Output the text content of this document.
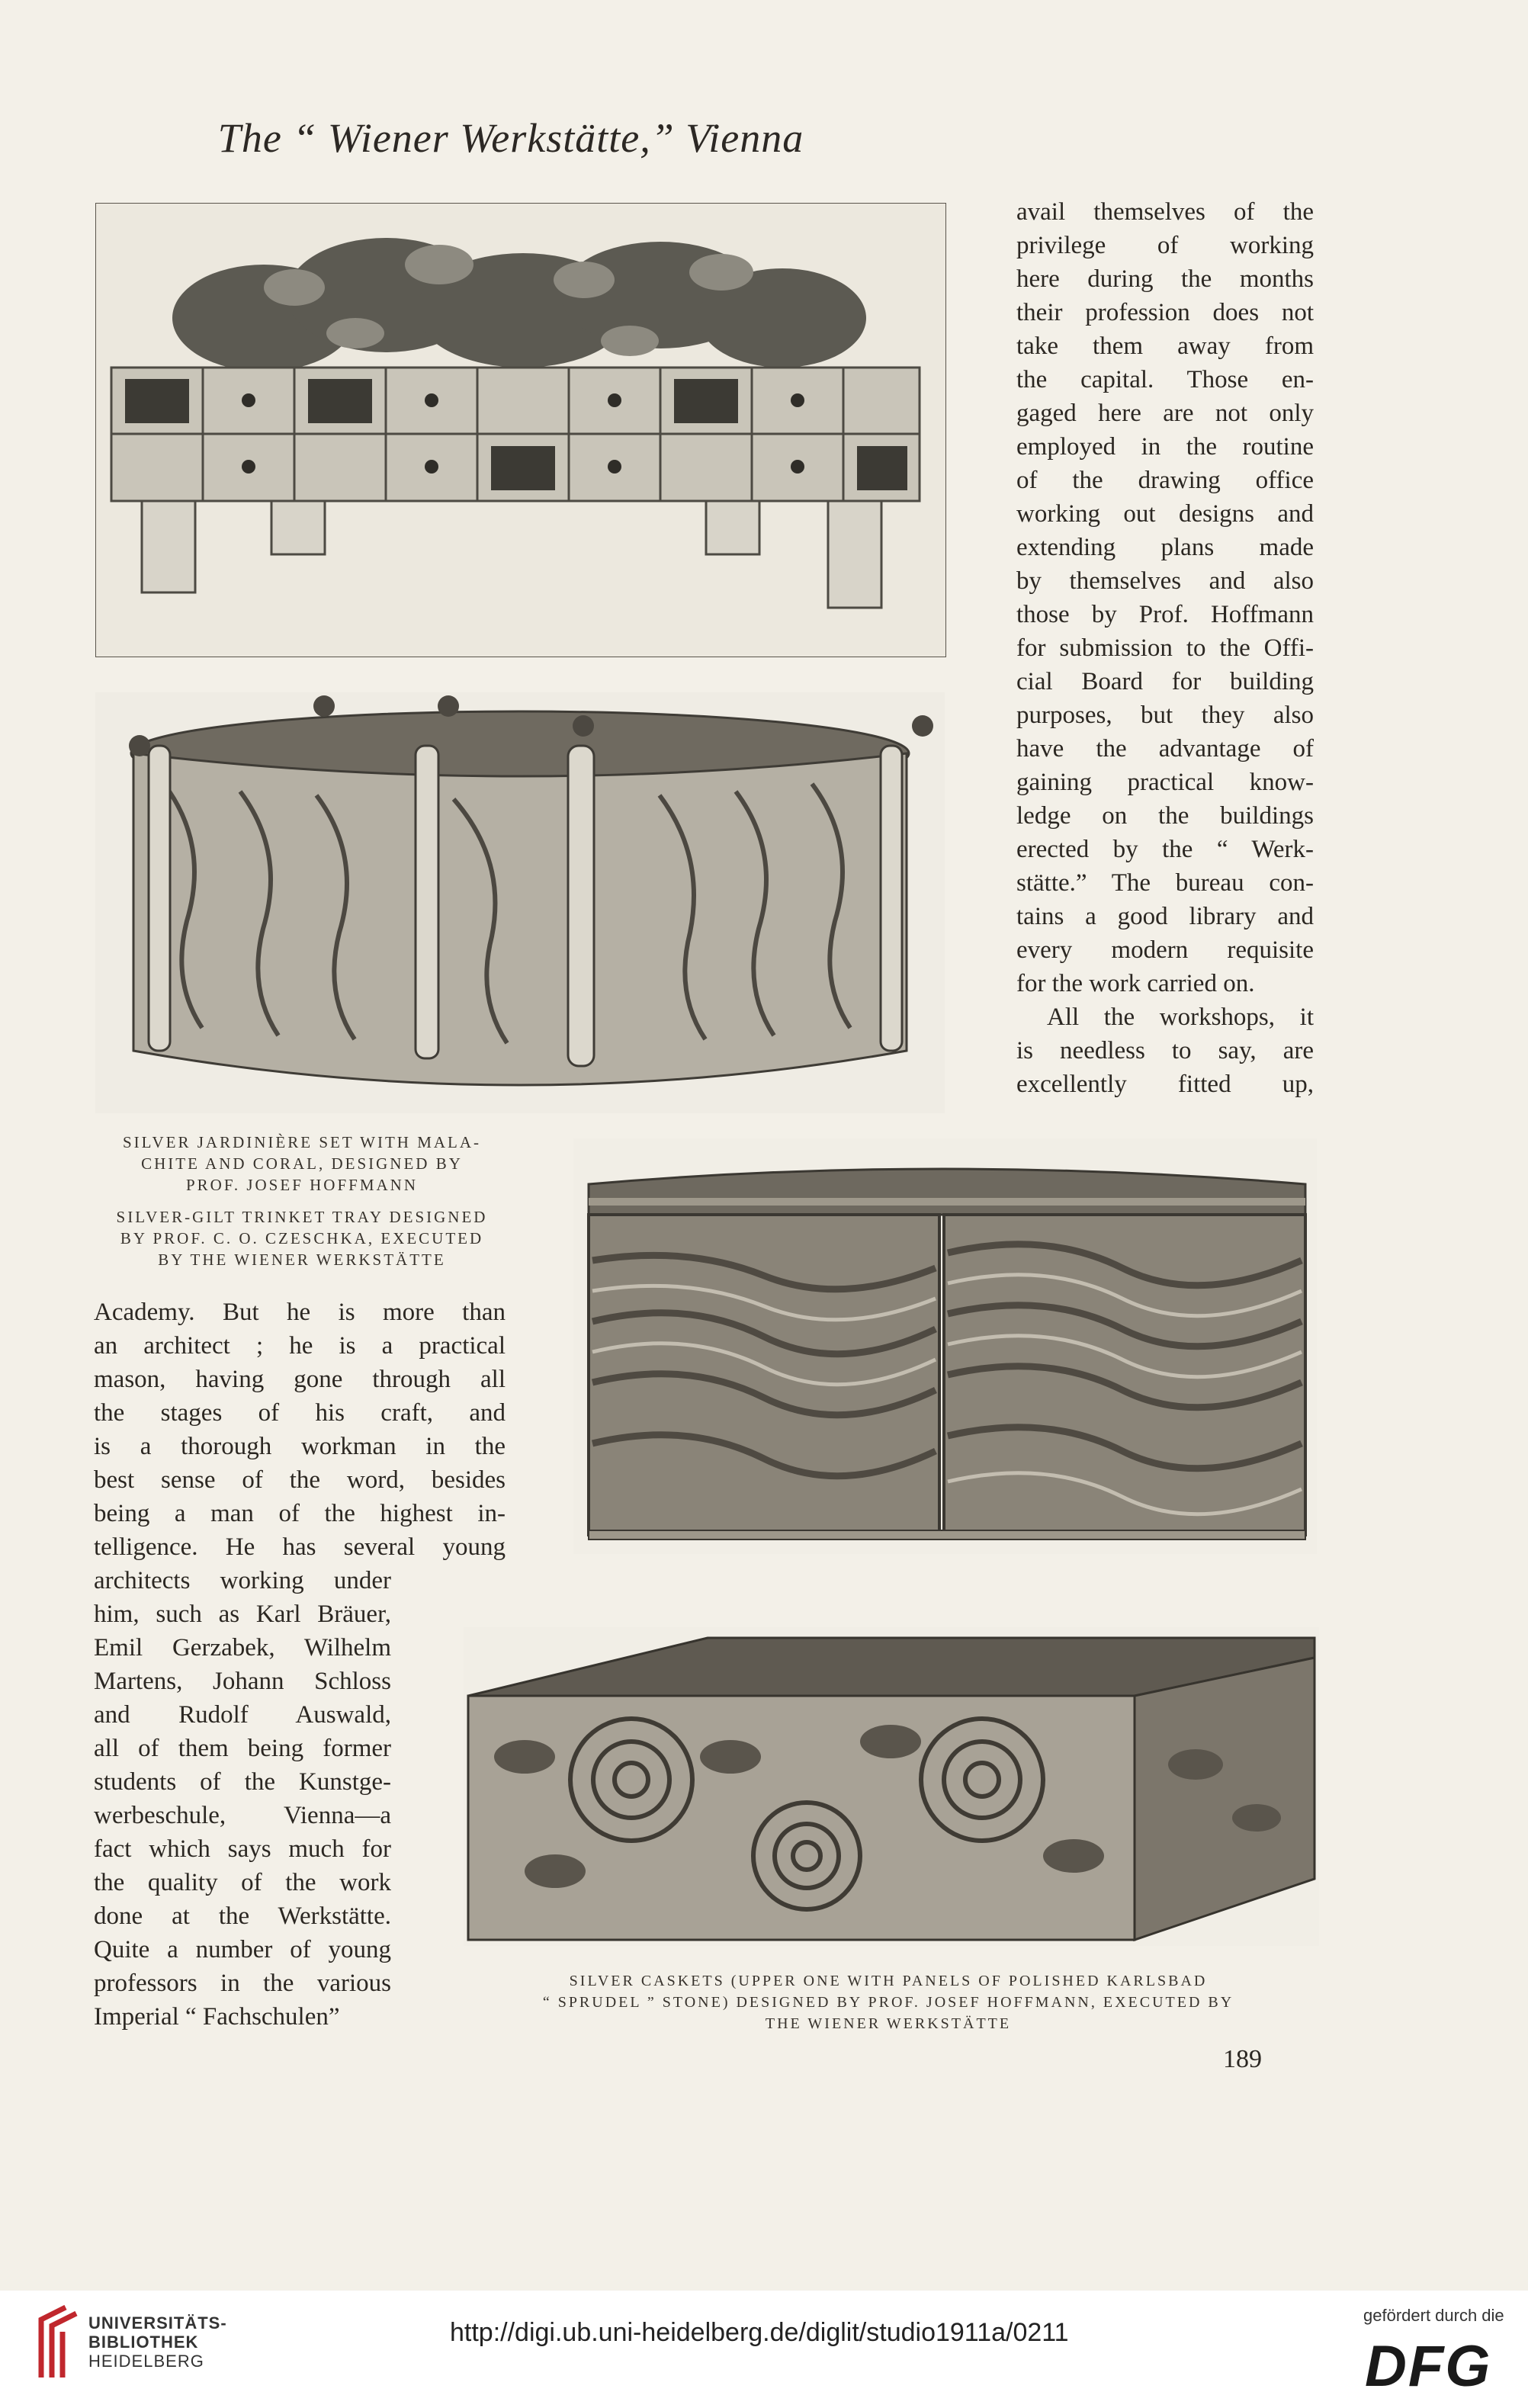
The “ Wiener Werkstätte,” Vienna
SILVER JARDINIÈRE SET WITH MALA-
CHITE AND CORAL, DESIGNED BY
PROF. JOSEF HOFFMANN
SILVER-GILT TRINKET TRAY DESIGNED
BY PROF. C. O. CZESCHKA, EXECUTED
BY THE WIENER WERKSTÄTTE
avail themselves of the
privilege of working
here during the months
their profession does not
take them away from
the capital. Those en-
gaged here are not only
employed in the routine
of the drawing office
working out designs and
extending plans made
by themselves and also
those by Prof. Hoffmann
for submission to the Offi-
cial Board for building
purposes, but they also
have the advantage of
gaining practical know-
ledge on the buildings
erected by the “ Werk-
stätte.” The bureau con-
tains a good library and
every modern requisite
for the work carried on.
All the workshops, it
is needless to say, are
excellently fitted up,
Academy. But he is more than
an architect ; he is a practical
mason, having gone through all
the stages of his craft, and
is a thorough workman in the
best sense of the word, besides
being a man of the highest in-
telligence. He has several young
architects working under
him, such as Karl Bräuer,
Emil Gerzabek, Wilhelm
Martens, Johann Schloss
and Rudolf Auswald,
all of them being former
students of the Kunstge-
werbeschule, Vienna—a
fact which says much for
the quality of the work
done at the Werkstätte.
Quite a number of young
professors in the various
Imperial “ Fachschulen”
SILVER CASKETS (UPPER ONE WITH PANELS OF POLISHED KARLSBAD
“ SPRUDEL ” STONE) DESIGNED BY PROF. JOSEF HOFFMANN, EXECUTED BY
THE WIENER WERKSTÄTTE
189
UNIVERSITÄTS-
BIBLIOTHEK
HEIDELBERG
http://digi.ub.uni-heidelberg.de/diglit/studio1911a/0211
gefördert durch die
DFG
